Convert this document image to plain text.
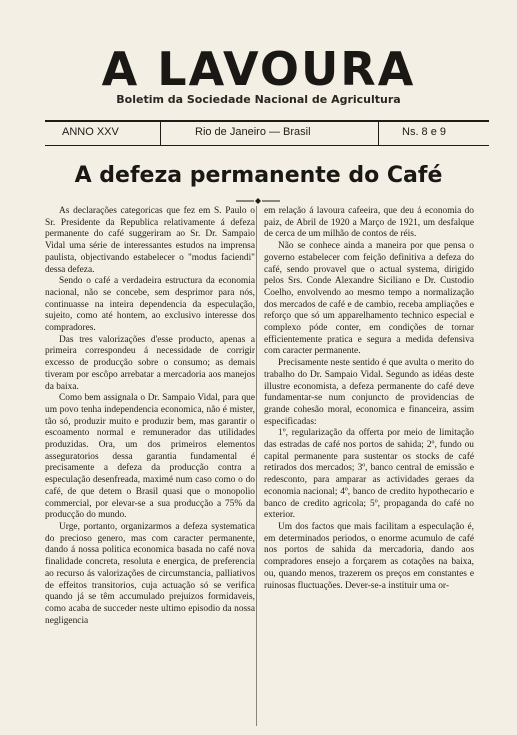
A LAVOURA
Boletim da Sociedade Nacional de Agricultura
ANNO XXV	Rio de Janeiro — Brasil	Ns. 8 e 9
A defeza permanente do Café

As declarações categoricas que fez em S. Paulo o Sr. Presidente da Republica relativamente á defeza permanente do café suggeriram ao Sr. Dr. Sampaio Vidal uma série de interessantes estudos na imprensa paulista, objectivando estabelecer o "modus faciendi" dessa defeza.

Sendo o café a verdadeira estructura da economia nacional, não se concebe, sem desprimor para nós, continuasse na inteira dependencia da especulação, sujeito, como até hontem, ao exclusivo interesse dos compradores.

Das tres valorizações d'esse producto, apenas a primeira correspondeu á necessidade de corrigir excesso de producção sobre o consumo; as demais tiveram por escôpo arrebatar a mercadoria aos manejos da baixa.

Como bem assignala o Dr. Sampaio Vidal, para que um povo tenha independencia economica, não é mister, tão só, produzir muito e produzir bem, mas garantir o escoamento normal e remunerador das utilidades produzidas. Ora, um dos primeiros elementos asseguratorios dessa garantia fundamental é precisamente a defeza da producção contra a especulação desenfreada, maximé num caso como o do café, de que detem o Brasil quasi que o monopolio commercial, por elevar-se a sua producção a 75% da producção do mundo.

Urge, portanto, organizarmos a defeza systematica do precioso genero, mas com caracter permanente, dando á nossa politica economica basada no café nova finalidade concreta, resoluta e energica, de preferencia ao recurso ás valorizações de circumstancia, palliativos de effeitos transitorios, cuja actuação só se verifica quando já se têm accumulado prejuizos formidaveis, como acaba de succeder neste ultimo episodio da nossa negligencia

em relação á lavoura cafeeira, que deu á economia do paiz, de Abril de 1920 a Março de 1921, um desfalque de cerca de um milhão de contos de réis.

Não se conhece ainda a maneira por que pensa o governo estabelecer com feição definitiva a defeza do café, sendo provavel que o actual systema, dirigido pelos Srs. Conde Alexandre Siciliano e Dr. Custodio Coelho, envolvendo ao mesmo tempo a normalização dos mercados de café e de cambio, receba ampliações e reforço que só um apparelhamento technico especial e complexo póde conter, em condições de tornar efficientemente pratica e segura a medida defensiva com caracter permanente.

Precisamente neste sentido é que avulta o merito do trabalho do Dr. Sampaio Vidal. Segundo as idéas deste illustre economista, a defeza permanente do café deve fundamentar-se num conjuncto de providencias de grande cohesão moral, economica e financeira, assim especificadas:

1º, regularização da offerta por meio de limitação das estradas de café nos portos de sahida; 2º, fundo ou capital permanente para sustentar os stocks de café retirados dos mercados; 3º, banco central de emissão e redesconto, para amparar as actividades geraes da economia nacional; 4º, banco de credito hypothecario e banco de credito agricola; 5º, propaganda do café no exterior.

Um dos factos que mais facilitam a especulação é, em determinados periodos, o enorme acumulo de café nos portos de sahida da mercadoria, dando aos compradores ensejo a forçarem as cotações na baixa, ou, quando menos, trazerem os preços em constantes e ruinosas fluctuações. Dever-se-a instituir uma or-
